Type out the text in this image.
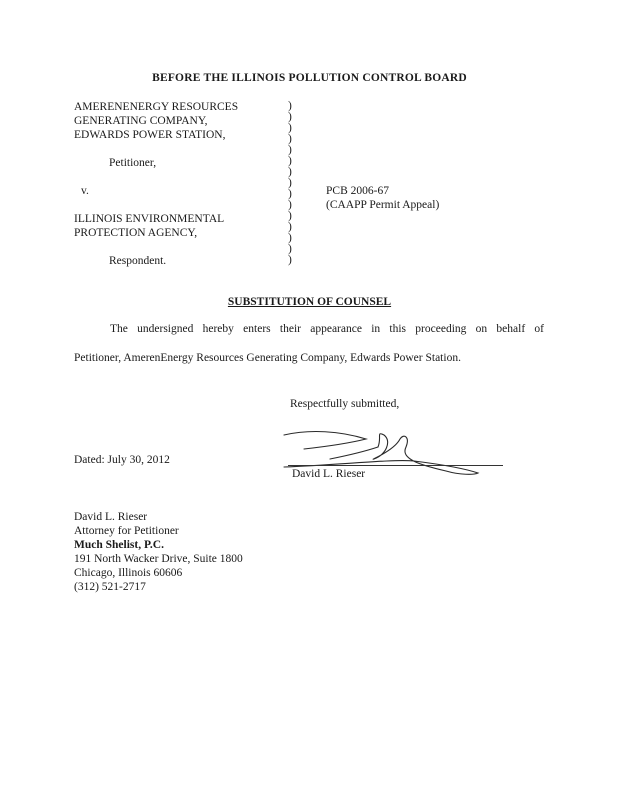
BEFORE THE ILLINOIS POLLUTION CONTROL BOARD
AMERENENERGY RESOURCES
GENERATING COMPANY,
EDWARDS POWER STATION,
Petitioner,
v.
ILLINOIS ENVIRONMENTAL
PROTECTION AGENCY,
Respondent.
)
)
)
)
)
)
)
)
)
)
)
)
)
)
)
PCB 2006-67
(CAAPP Permit Appeal)
SUBSTITUTION OF COUNSEL
The undersigned hereby enters their appearance in this proceeding on behalf of
Petitioner, AmerenEnergy Resources Generating Company, Edwards Power Station.
Respectfully submitted,
Dated: July 30, 2012
David L. Rieser
David L. Rieser
Attorney for Petitioner
Much Shelist, P.C.
191 North Wacker Drive, Suite 1800
Chicago, Illinois 60606
(312) 521-2717
